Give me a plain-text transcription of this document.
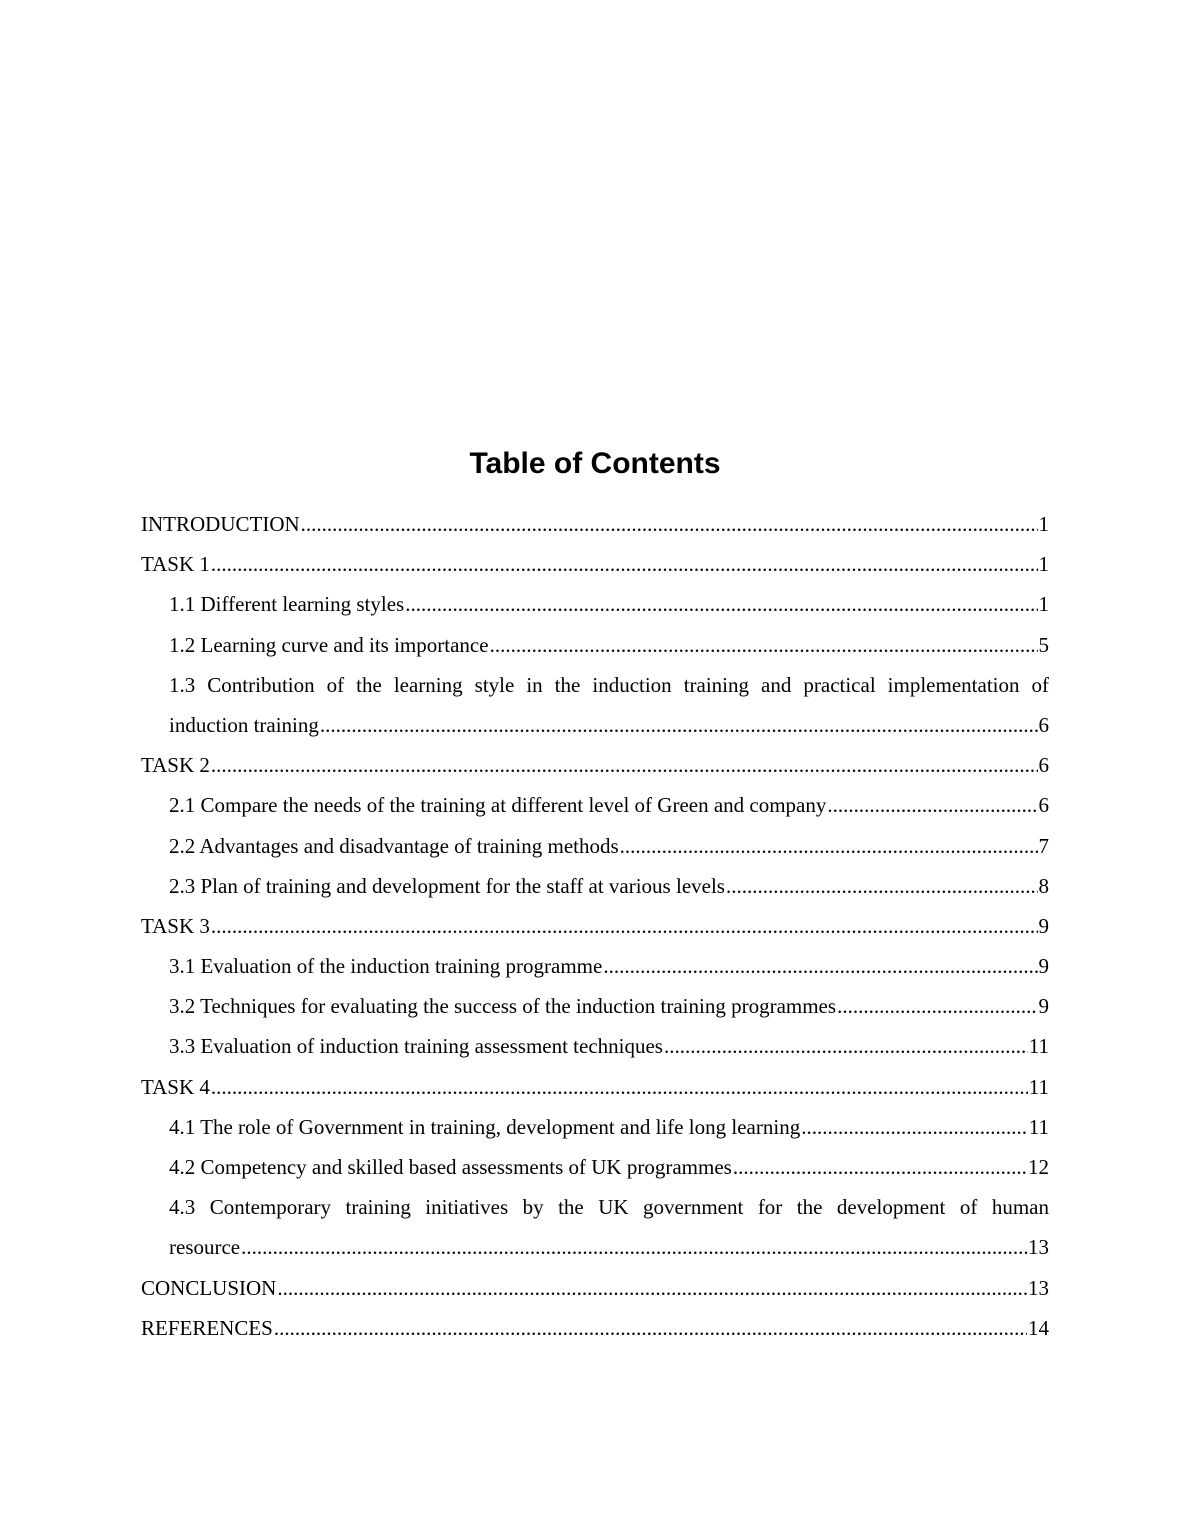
Table of Contents
INTRODUCTION .....	1
TASK 1 .....	1
1.1 Different learning styles .....	1
1.2 Learning curve and its importance .....	5
1.3 Contribution of the learning style in the induction training and practical implementation of
induction training .....	6
TASK 2 .....	6
2.1 Compare the needs of the training at different level of Green and company .....	6
2.2 Advantages and disadvantage of training methods .....	7
2.3 Plan of training and development for the staff at various levels .....	8
TASK 3 .....	9
3.1 Evaluation of the induction training programme .....	9
3.2 Techniques for evaluating the success of the induction training programmes .....	9
3.3 Evaluation of induction training assessment techniques .....	11
TASK 4 .....	11
4.1 The role of Government in training, development and life long learning .....	11
4.2 Competency and skilled based assessments of UK programmes .....	12
4.3 Contemporary training initiatives by the UK government for the development of human
resource .....	13
CONCLUSION .....	13
REFERENCES .....	14
